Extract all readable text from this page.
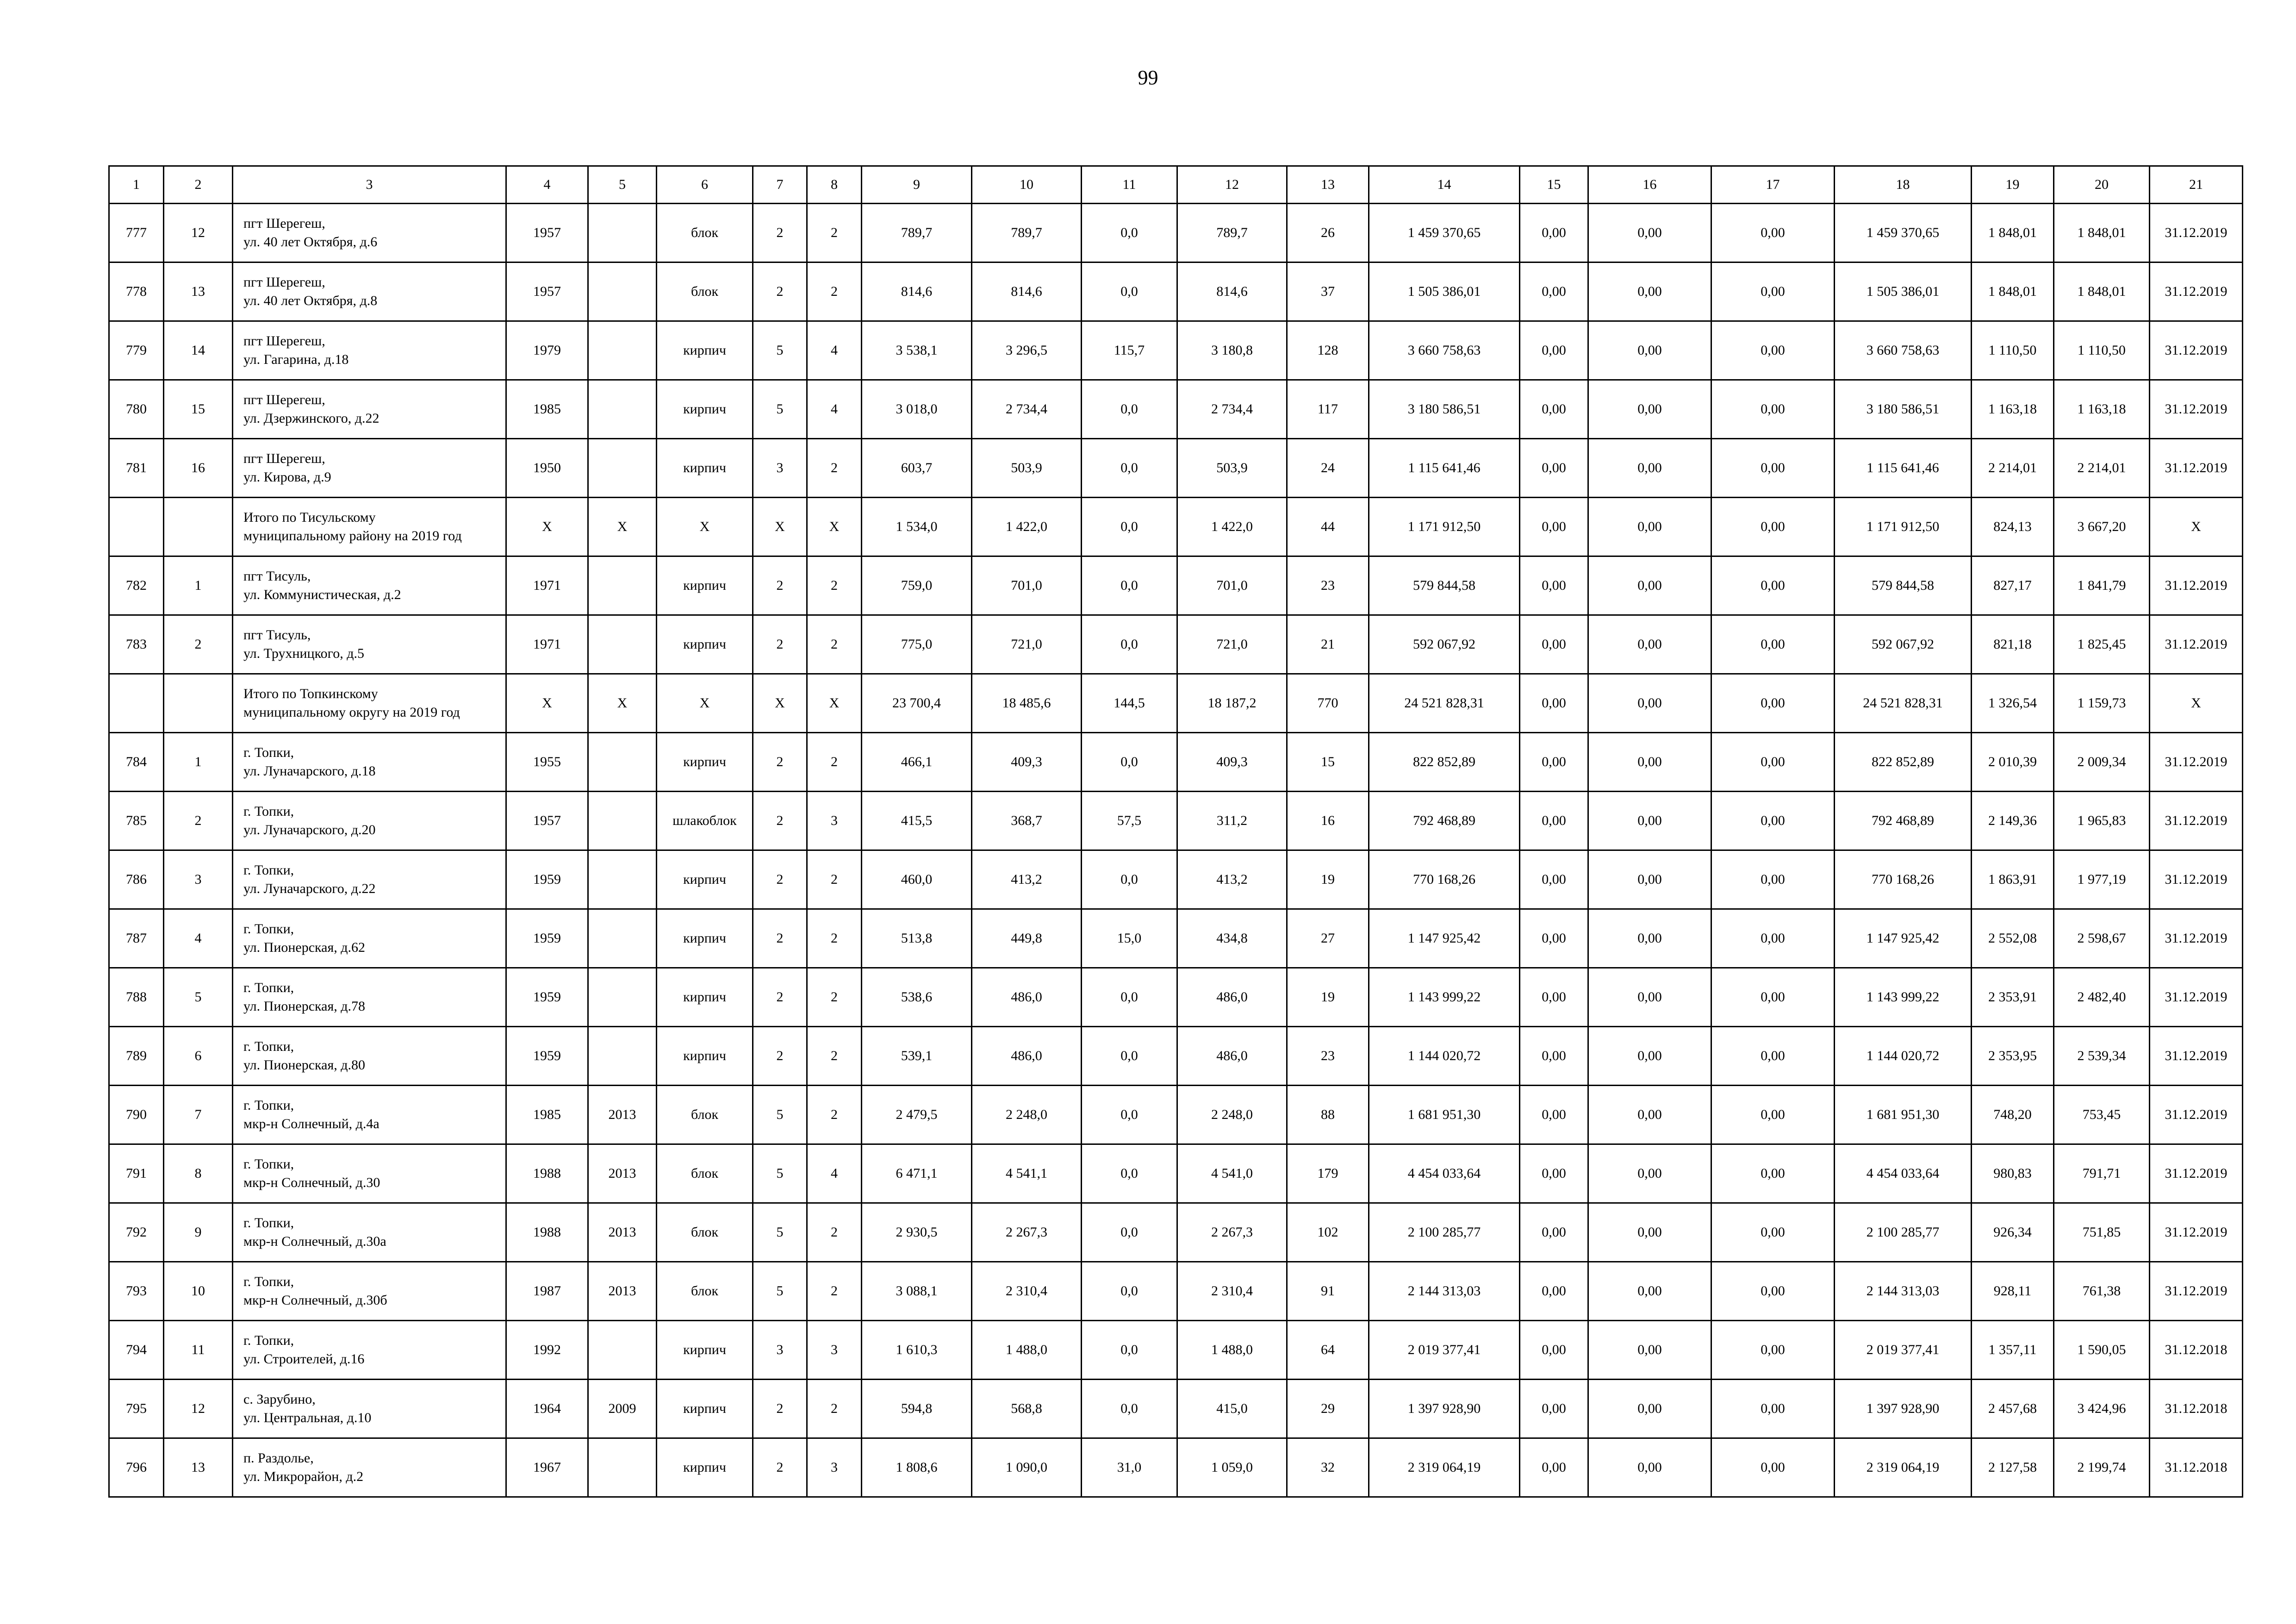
99
1	2	3	4	5	6	7	8	9	10	11	12	13	14	15	16	17	18	19	20	21
777	12	пгт Шерегеш,
ул. 40 лет Октября, д.6	1957		блок	2	2	789,7	789,7	0,0	789,7	26	1 459 370,65	0,00	0,00	0,00	1 459 370,65	1 848,01	1 848,01	31.12.2019
778	13	пгт Шерегеш,
ул. 40 лет Октября, д.8	1957		блок	2	2	814,6	814,6	0,0	814,6	37	1 505 386,01	0,00	0,00	0,00	1 505 386,01	1 848,01	1 848,01	31.12.2019
779	14	пгт Шерегеш,
ул. Гагарина, д.18	1979		кирпич	5	4	3 538,1	3 296,5	115,7	3 180,8	128	3 660 758,63	0,00	0,00	0,00	3 660 758,63	1 110,50	1 110,50	31.12.2019
780	15	пгт Шерегеш,
ул. Дзержинского, д.22	1985		кирпич	5	4	3 018,0	2 734,4	0,0	2 734,4	117	3 180 586,51	0,00	0,00	0,00	3 180 586,51	1 163,18	1 163,18	31.12.2019
781	16	пгт Шерегеш,
ул. Кирова, д.9	1950		кирпич	3	2	603,7	503,9	0,0	503,9	24	1 115 641,46	0,00	0,00	0,00	1 115 641,46	2 214,01	2 214,01	31.12.2019

		Итого по Тисульскому
муниципальному району на 2019 год	X	X	X	X	X	1 534,0	1 422,0	0,0	1 422,0	44	1 171 912,50	0,00	0,00	0,00	1 171 912,50	824,13	3 667,20	X
782	1	пгт Тисуль,
ул. Коммунистическая, д.2	1971		кирпич	2	2	759,0	701,0	0,0	701,0	23	579 844,58	0,00	0,00	0,00	579 844,58	827,17	1 841,79	31.12.2019
783	2	пгт Тисуль,
ул. Трухницкого, д.5	1971		кирпич	2	2	775,0	721,0	0,0	721,0	21	592 067,92	0,00	0,00	0,00	592 067,92	821,18	1 825,45	31.12.2019

		Итого по Топкинскому
муниципальному округу на 2019 год	X	X	X	X	X	23 700,4	18 485,6	144,5	18 187,2	770	24 521 828,31	0,00	0,00	0,00	24 521 828,31	1 326,54	1 159,73	X
784	1	г. Топки,
ул. Луначарского, д.18	1955		кирпич	2	2	466,1	409,3	0,0	409,3	15	822 852,89	0,00	0,00	0,00	822 852,89	2 010,39	2 009,34	31.12.2019
785	2	г. Топки,
ул. Луначарского, д.20	1957		шлакоблок	2	3	415,5	368,7	57,5	311,2	16	792 468,89	0,00	0,00	0,00	792 468,89	2 149,36	1 965,83	31.12.2019
786	3	г. Топки,
ул. Луначарского, д.22	1959		кирпич	2	2	460,0	413,2	0,0	413,2	19	770 168,26	0,00	0,00	0,00	770 168,26	1 863,91	1 977,19	31.12.2019
787	4	г. Топки,
ул. Пионерская, д.62	1959		кирпич	2	2	513,8	449,8	15,0	434,8	27	1 147 925,42	0,00	0,00	0,00	1 147 925,42	2 552,08	2 598,67	31.12.2019
788	5	г. Топки,
ул. Пионерская, д.78	1959		кирпич	2	2	538,6	486,0	0,0	486,0	19	1 143 999,22	0,00	0,00	0,00	1 143 999,22	2 353,91	2 482,40	31.12.2019
789	6	г. Топки,
ул. Пионерская, д.80	1959		кирпич	2	2	539,1	486,0	0,0	486,0	23	1 144 020,72	0,00	0,00	0,00	1 144 020,72	2 353,95	2 539,34	31.12.2019
790	7	г. Топки,
мкр-н Солнечный, д.4а	1985	2013	блок	5	2	2 479,5	2 248,0	0,0	2 248,0	88	1 681 951,30	0,00	0,00	0,00	1 681 951,30	748,20	753,45	31.12.2019
791	8	г. Топки,
мкр-н Солнечный, д.30	1988	2013	блок	5	4	6 471,1	4 541,1	0,0	4 541,0	179	4 454 033,64	0,00	0,00	0,00	4 454 033,64	980,83	791,71	31.12.2019
792	9	г. Топки,
мкр-н Солнечный, д.30а	1988	2013	блок	5	2	2 930,5	2 267,3	0,0	2 267,3	102	2 100 285,77	0,00	0,00	0,00	2 100 285,77	926,34	751,85	31.12.2019
793	10	г. Топки,
мкр-н Солнечный, д.30б	1987	2013	блок	5	2	3 088,1	2 310,4	0,0	2 310,4	91	2 144 313,03	0,00	0,00	0,00	2 144 313,03	928,11	761,38	31.12.2019
794	11	г. Топки,
ул. Строителей, д.16	1992		кирпич	3	3	1 610,3	1 488,0	0,0	1 488,0	64	2 019 377,41	0,00	0,00	0,00	2 019 377,41	1 357,11	1 590,05	31.12.2018
795	12	с. Зарубино,
ул. Центральная, д.10	1964	2009	кирпич	2	2	594,8	568,8	0,0	415,0	29	1 397 928,90	0,00	0,00	0,00	1 397 928,90	2 457,68	3 424,96	31.12.2018
796	13	п. Раздолье,
ул. Микрорайон, д.2	1967		кирпич	2	3	1 808,6	1 090,0	31,0	1 059,0	32	2 319 064,19	0,00	0,00	0,00	2 319 064,19	2 127,58	2 199,74	31.12.2018
